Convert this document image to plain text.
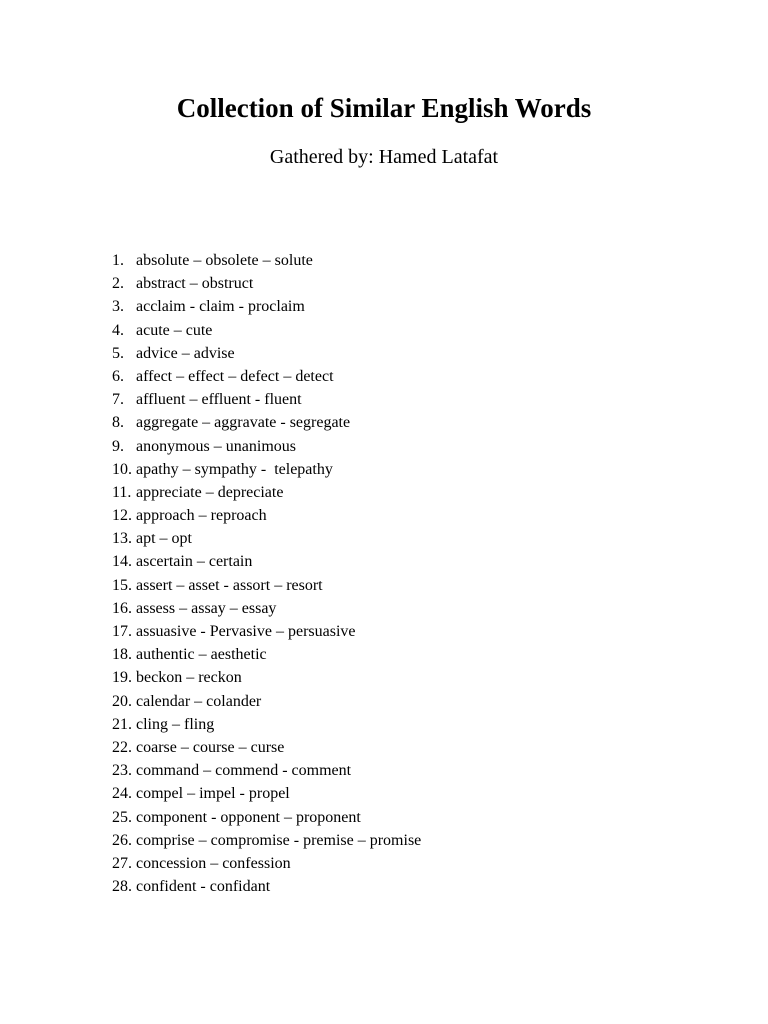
Collection of Similar English Words

Gathered by: Hamed Latafat

1. absolute – obsolete – solute
2. abstract – obstruct
3. acclaim - claim - proclaim
4. acute – cute
5. advice – advise
6. affect – effect – defect – detect
7. affluent – effluent - fluent
8. aggregate – aggravate - segregate
9. anonymous – unanimous
10. apathy – sympathy -  telepathy
11. appreciate – depreciate
12. approach – reproach
13. apt – opt
14. ascertain – certain
15. assert – asset - assort – resort
16. assess – assay – essay
17. assuasive - Pervasive – persuasive
18. authentic – aesthetic
19. beckon – reckon
20. calendar – colander
21. cling – fling
22. coarse – course – curse
23. command – commend - comment
24. compel – impel - propel
25. component - opponent – proponent
26. comprise – compromise - premise – promise
27. concession – confession
28. confident - confidant
